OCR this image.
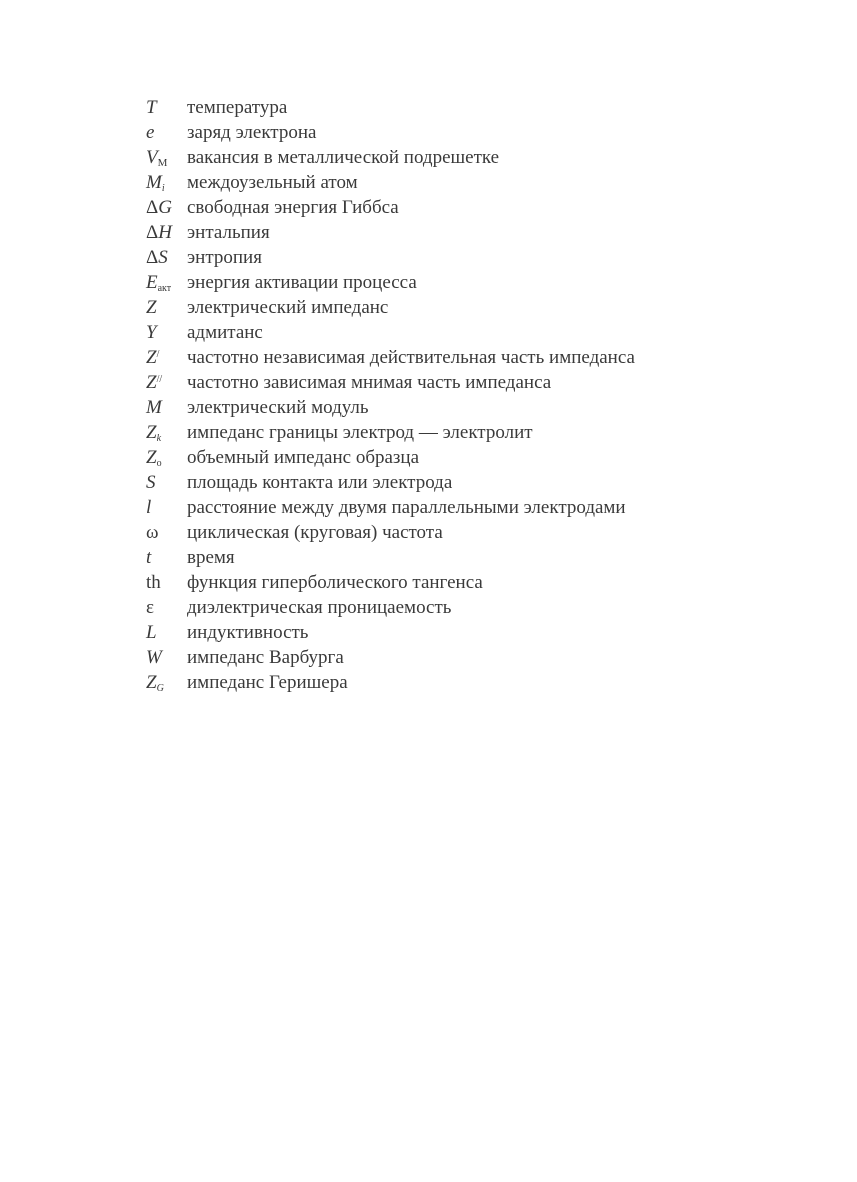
T	температура
e	заряд электрона
$V_М$	вакансия в металлической подрешетке
$M_i$	междоузельный атом
ΔG свободная энергия Гиббса
ΔH энтальпия
ΔS	энтропия
$E_{акт}$ энергия активации процесса
Z	электрический импеданс
Y	адмитанс
Z/	частотно независимая действительная часть импеданса
Z//	частотно зависимая мнимая часть импеданса
M	электрический модуль
$Z_k$	импеданс границы электрод — электролит
$Z_о$	объемный импеданс образца
S	площадь контакта или электрода
l	расстояние между двумя параллельными электродами
ω	циклическая (круговая) частота
t	время
th	функция гиперболического тангенса
ε	диэлектрическая проницаемость
L	индуктивность
W	импеданс Варбурга
$Z_G$	импеданс Геришера
